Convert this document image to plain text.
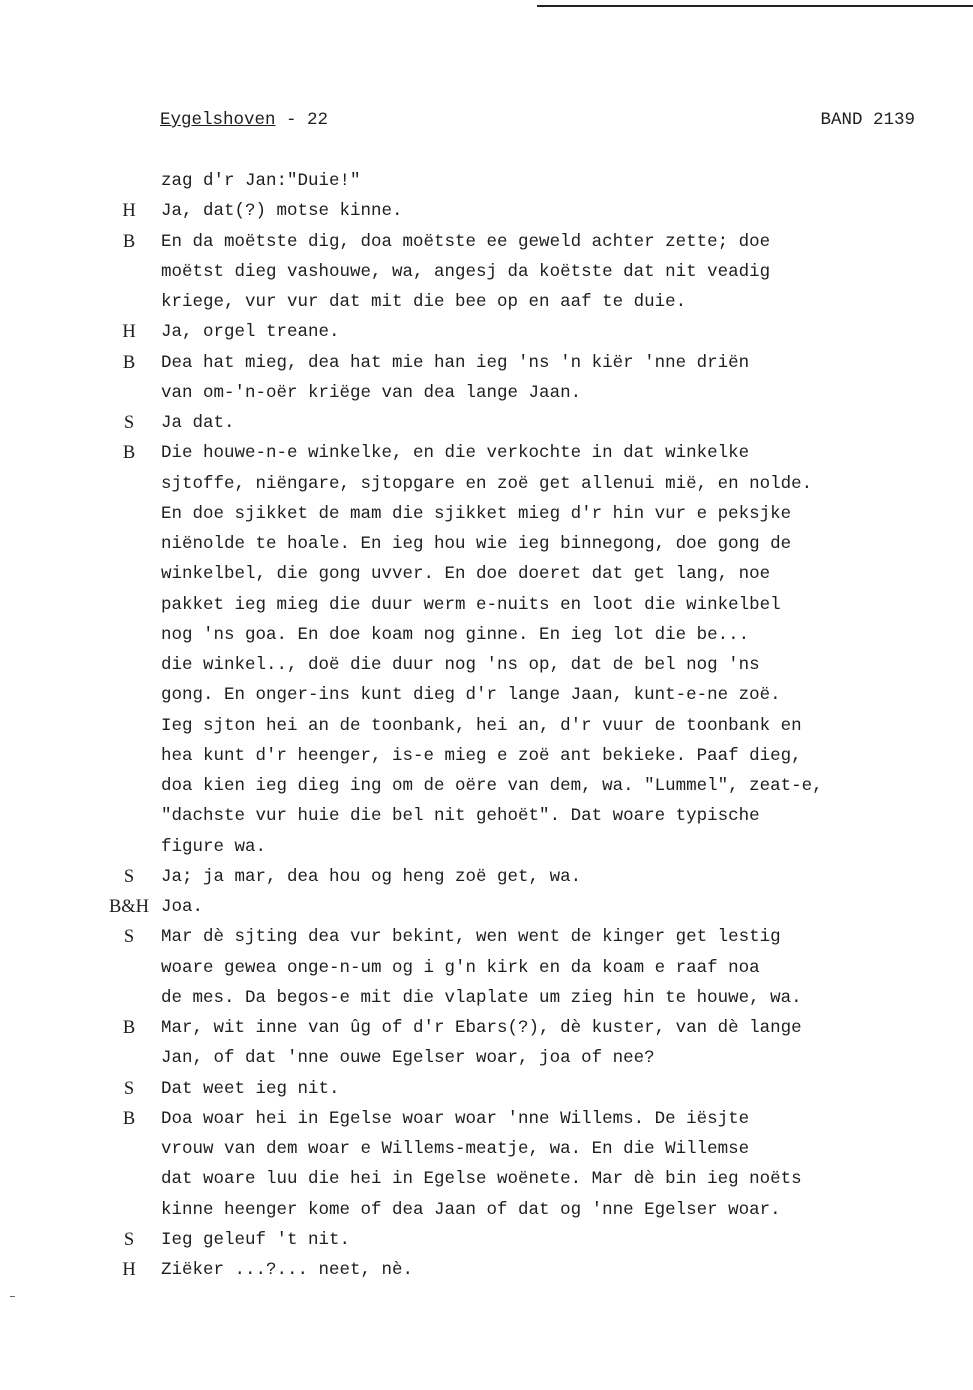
Eygelshoven - 22	BAND 2139
zag d'r Jan:"Duie!"
H	Ja, dat(?) motse kinne.
B	En da moëtste dig, doa moëtste ee geweld achter zette; doe
moëtst dieg vashouwe, wa, angesj da koëtste dat nit veadig
kriege, vur vur dat mit die bee op en aaf te duie.
H	Ja, orgel treane.
B	Dea hat mieg, dea hat mie han ieg 'ns 'n kiër 'nne driën
van om-'n-oër kriëge van dea lange Jaan.
S	Ja dat.
B	Die houwe-n-e winkelke, en die verkochte in dat winkelke
sjtoffe, niëngare, sjtopgare en zoë get allenui mië, en nolde.
En doe sjikket de mam die sjikket mieg d'r hin vur e peksjke
niënolde te hoale. En ieg hou wie ieg binnegong, doe gong de
winkelbel, die gong uvver. En doe doeret dat get lang, noe
pakket ieg mieg die duur werm e-nuits en loot die winkelbel
nog 'ns goa. En doe koam nog ginne. En ieg lot die be...
die winkel.., doë die duur nog 'ns op, dat de bel nog 'ns
gong. En onger-ins kunt dieg d'r lange Jaan, kunt-e-ne zoë.
Ieg sjton hei an de toonbank, hei an, d'r vuur de toonbank en
hea kunt d'r heenger, is-e mieg e zoë ant bekieke. Paaf dieg,
doa kien ieg dieg ing om de oëre van dem, wa. "Lummel", zeat-e,
"dachste vur huie die bel nit gehoët". Dat woare typische
figure wa.
S	Ja; ja mar, dea hou og heng zoë get, wa.
B&H Joa.
S	Mar dè sjting dea vur bekint, wen went de kinger get lestig
woare gewea onge-n-um og i g'n kirk en da koam e raaf noa
de mes. Da begos-e mit die vlaplate um zieg hin te houwe, wa.
B	Mar, wit inne van ûg of d'r Ebars(?), dè kuster, van dè lange
Jan, of dat 'nne ouwe Egelser woar, joa of nee?
S	Dat weet ieg nit.
B	Doa woar hei in Egelse woar woar 'nne Willems. De iësjte
vrouw van dem woar e Willems-meatje, wa. En die Willemse
dat woare luu die hei in Egelse woënete. Mar dè bin ieg noëts
kinne heenger kome of dea Jaan of dat og 'nne Egelser woar.
S	Ieg geleuf 't nit.
H	Ziëker ...?... neet, nè.
